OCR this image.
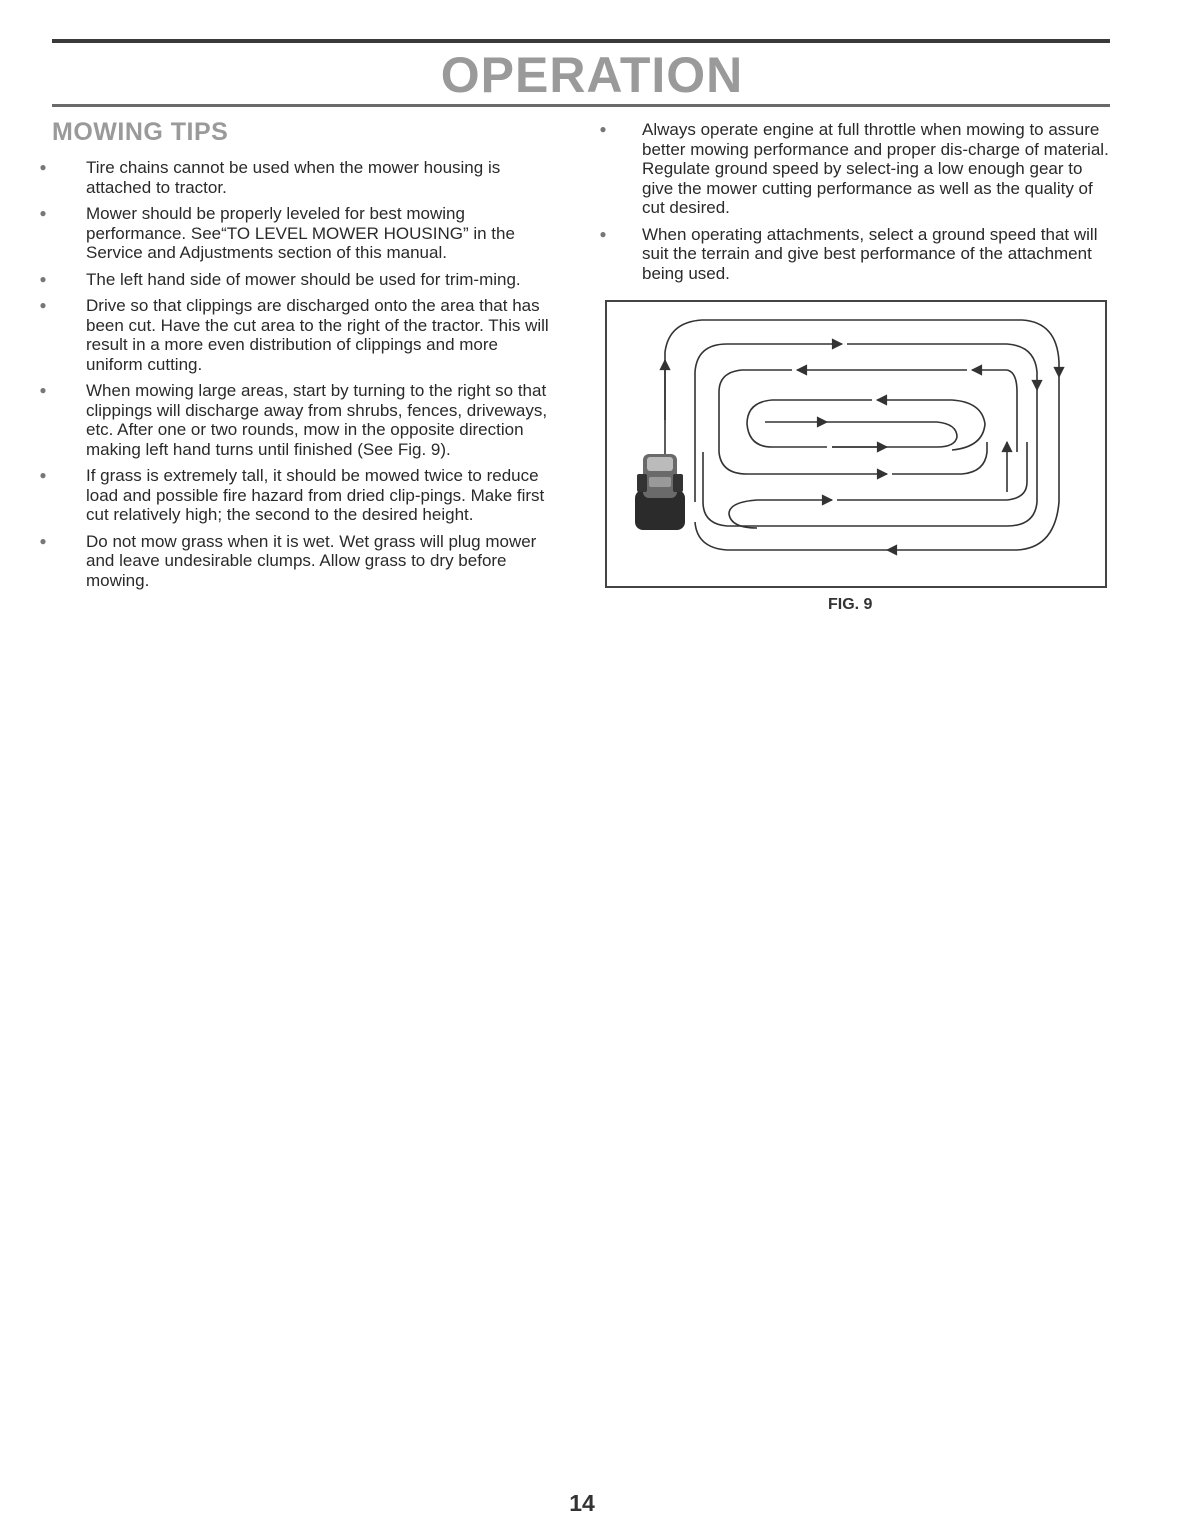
OPERATION
MOWING TIPS
● Tire chains cannot be used when the mower housing is attached to tractor.
● Mower should be properly leveled for best mowing performance. See“TO LEVEL MOWER HOUSING” in the Service and Adjustments section of this manual.
● The left hand side of mower should be used for trim-ming.
● Drive so that clippings are discharged onto the area that has been cut. Have the cut area to the right of the tractor. This will result in a more even distribution of clippings and more uniform cutting.
● When mowing large areas, start by turning to the right so that clippings will discharge away from shrubs, fences, driveways, etc. After one or two rounds, mow in the opposite direction making left hand turns until finished (See Fig. 9).
● If grass is extremely tall, it should be mowed twice to reduce load and possible fire hazard from dried clip-pings. Make first cut relatively high; the second to the desired height.
● Do not mow grass when it is wet. Wet grass will plug mower and leave undesirable clumps. Allow grass to dry before mowing.
● Always operate engine at full throttle when mowing to assure better mowing performance and proper dis-charge of material. Regulate ground speed by select-ing a low enough gear to give the mower cutting performance as well as the quality of cut desired.
● When operating attachments, select a ground speed that will suit the terrain and give best performance of the attachment being used.
FIG. 9
14
